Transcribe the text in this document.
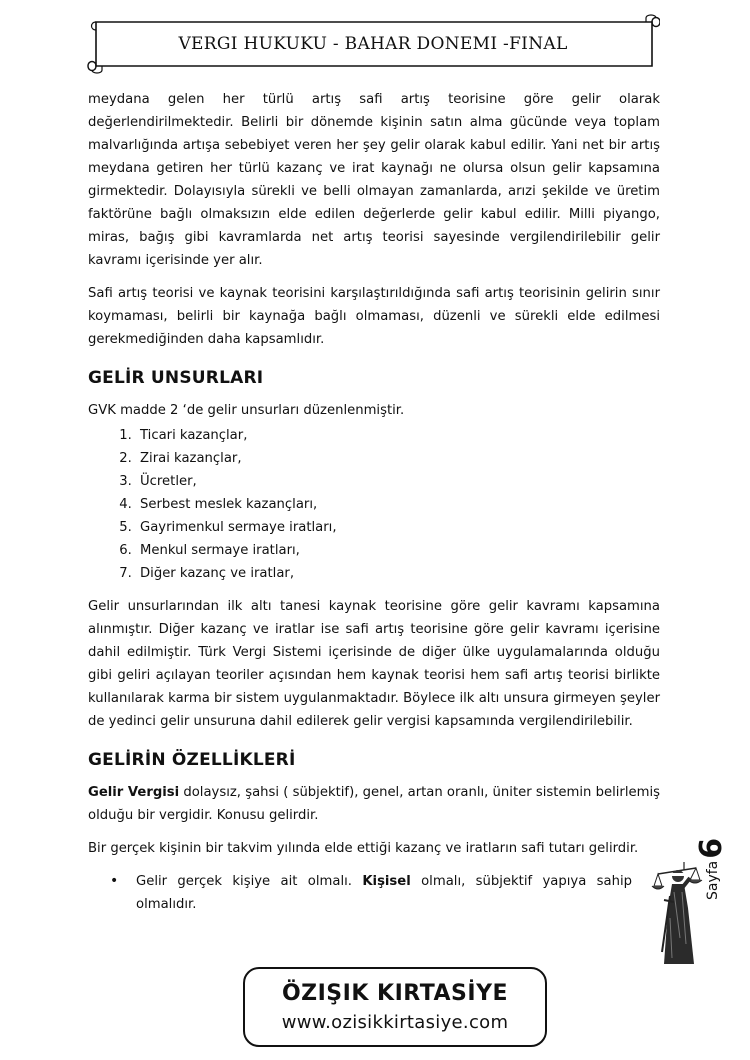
VERGI HUKUKU - BAHAR DONEMI -FINAL

meydana gelen her türlü artış safi artış teorisine göre gelir olarak değerlendirilmektedir. Belirli bir dönemde kişinin satın alma gücünde veya toplam malvarlığında artışa sebebiyet veren her şey gelir olarak kabul edilir. Yani net bir artış meydana getiren her türlü kazanç ve irat kaynağı ne olursa olsun gelir kapsamına girmektedir. Dolayısıyla sürekli ve belli olmayan zamanlarda, arızi şekilde ve üretim faktörüne bağlı olmaksızın elde edilen değerlerde gelir kabul edilir. Milli piyango, miras, bağış gibi kavramlarda net artış teorisi sayesinde vergilendirilebilir gelir kavramı içerisinde yer alır.

Safi artış teorisi ve kaynak teorisini karşılaştırıldığında safi artış teorisinin gelirin sınır koymaması, belirli bir kaynağa bağlı olmaması, düzenli ve sürekli elde edilmesi gerekmediğinden daha kapsamlıdır.

GELİR UNSURLARI

GVK madde 2 ‘de gelir unsurları düzenlenmiştir.

1. Ticari kazançlar,
2. Zirai kazançlar,
3. Ücretler,
4. Serbest meslek kazançları,
5. Gayrimenkul sermaye iratları,
6. Menkul sermaye iratları,
7. Diğer kazanç ve iratlar,

Gelir unsurlarından ilk altı tanesi kaynak teorisine göre gelir kavramı kapsamına alınmıştır. Diğer kazanç ve iratlar ise safi artış teorisine göre gelir kavramı içerisine dahil edilmiştir. Türk Vergi Sistemi içerisinde de diğer ülke uygulamalarında olduğu gibi geliri açılayan teoriler açısından hem kaynak teorisi hem safi artış teorisi birlikte kullanılarak karma bir sistem uygulanmaktadır. Böylece ilk altı unsura girmeyen şeyler de yedinci gelir unsuruna dahil edilerek gelir vergisi kapsamında vergilendirilebilir.

GELİRİN ÖZELLİKLERİ

Gelir Vergisi dolaysız, şahsi ( sübjektif), genel, artan oranlı, üniter sistemin belirlemiş olduğu bir vergidir. Konusu gelirdir.

Bir gerçek kişinin bir takvim yılında elde ettiği kazanç ve iratların safi tutarı gelirdir.

• Gelir gerçek kişiye ait olmalı. Kişisel olmalı, sübjektif yapıya sahip olmalıdır.
Sayfa6
ÖZIŞIK KIRTASİYE
www.ozisikkirtasiye.com
